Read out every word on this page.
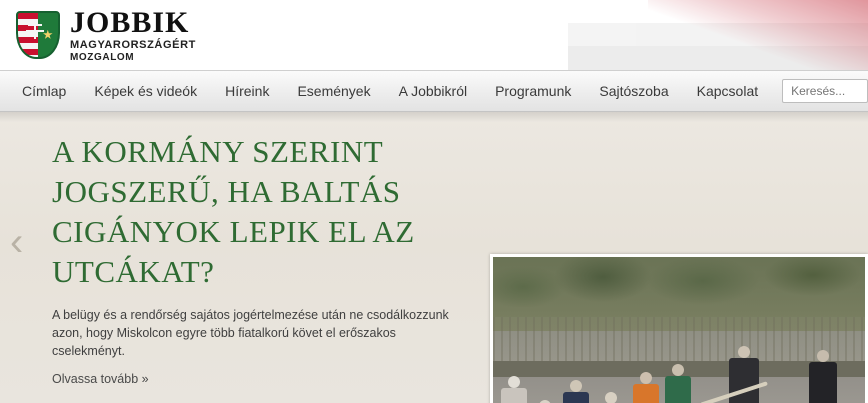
JOBBIK
MAGYARORSZÁGÉRT
MOZGALOM
Címlap	Képek és videók	Híreink	Események	A Jobbikról	Programunk	Sajtószoba	Kapcsolat
Keresés...
‹
A KORMÁNY SZERINT JOGSZERŰ, HA BALTÁS CIGÁNYOK LEPIK EL AZ UTCÁKAT?

A belügy és a rendőrség sajátos jogértelmezése után ne csodálkozzunk azon, hogy Miskolcon egyre több fiatalkorú követ el erőszakos cselekményt.

Olvassa tovább »
